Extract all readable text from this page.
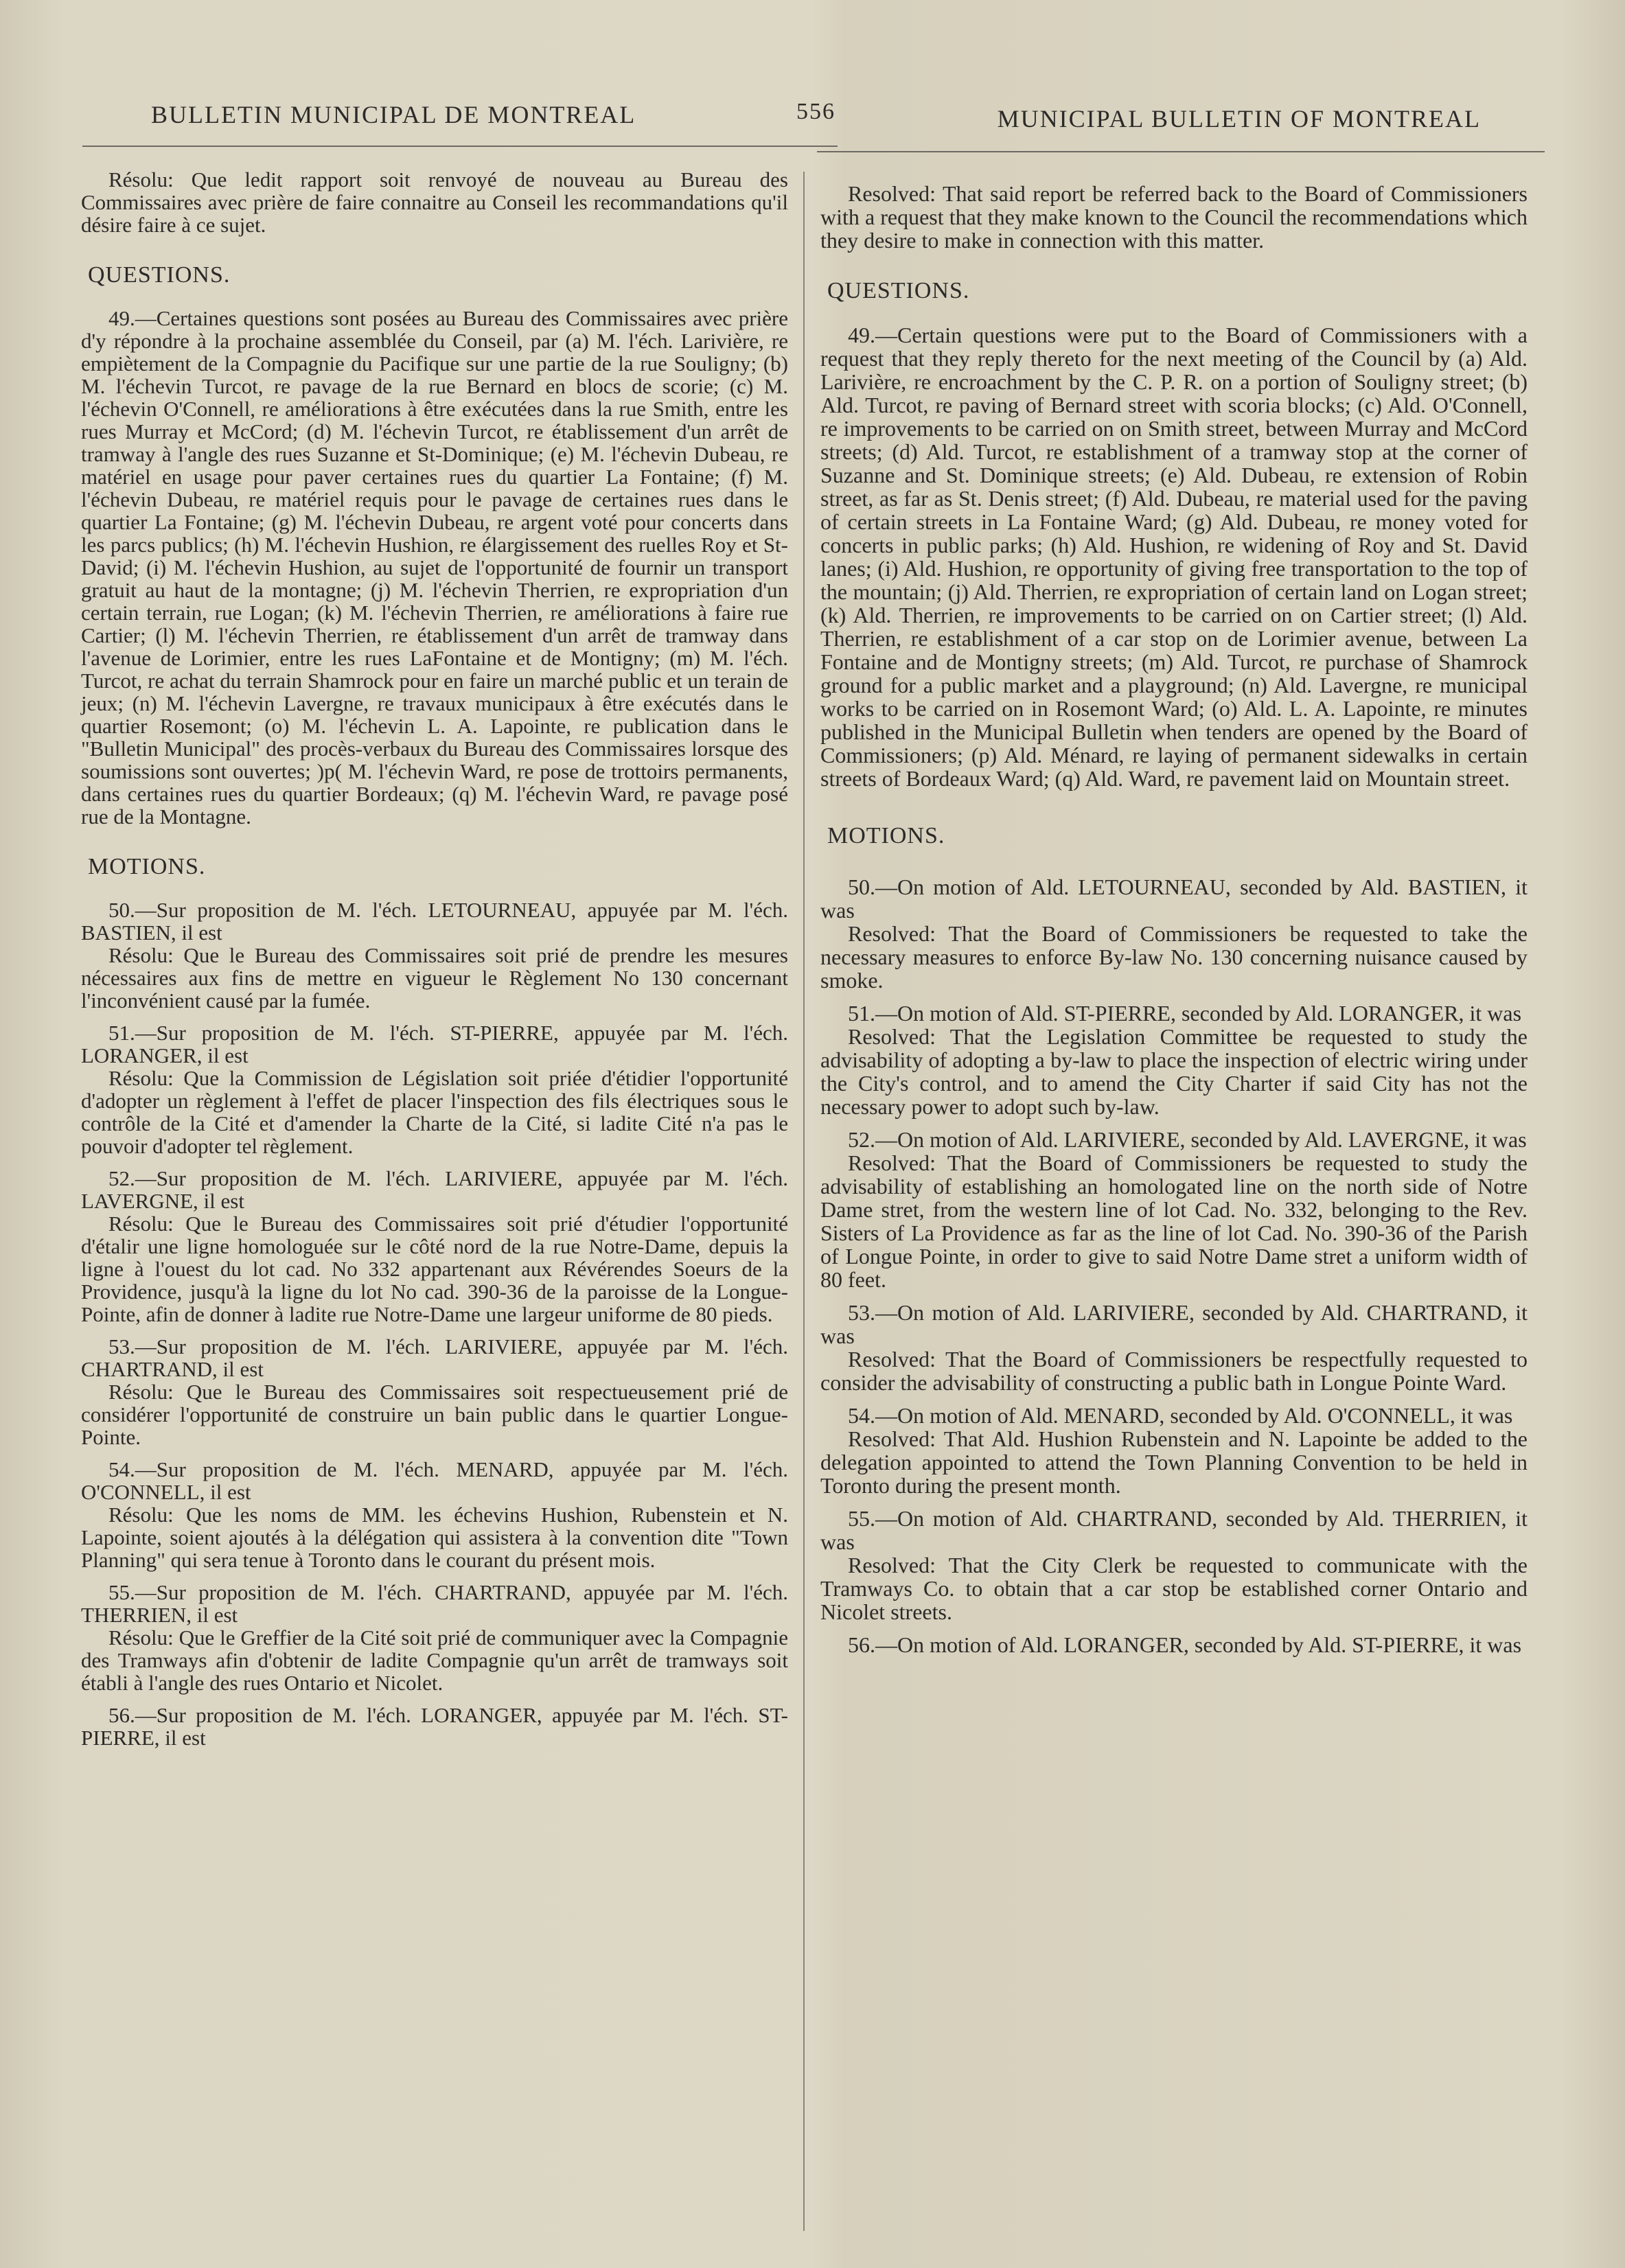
BULLETIN MUNICIPAL DE MONTREAL	556	MUNICIPAL BULLETIN OF MONTREAL

Résolu: Que ledit rapport soit renvoyé de nouveau au Bureau des Commissaires avec prière de faire connaitre au Conseil les recommandations qu'il désire faire à ce sujet.

QUESTIONS.

49.—Certaines questions sont posées au Bureau des Commissaires avec prière d'y répondre à la prochaine assemblée du Conseil, par (a) M. l'éch. Larivière, re empiètement de la Compagnie du Pacifique sur une partie de la rue Souligny; (b) M. l'échevin Turcot, re pavage de la rue Bernard en blocs de scorie; (c) M. l'échevin O'Connell, re améliorations à être exécutées dans la rue Smith, entre les rues Murray et McCord; (d) M. l'échevin Turcot, re établissement d'un arrêt de tramway à l'angle des rues Suzanne et St-Dominique; (e) M. l'échevin Dubeau, re matériel en usage pour paver certaines rues du quartier La Fontaine; (f) M. l'échevin Dubeau, re matériel requis pour le pavage de certaines rues dans le quartier La Fontaine; (g) M. l'échevin Dubeau, re argent voté pour concerts dans les parcs publics; (h) M. l'échevin Hushion, re élargissement des ruelles Roy et St-David; (i) M. l'échevin Hushion, au sujet de l'opportunité de fournir un transport gratuit au haut de la montagne; (j) M. l'échevin Therrien, re expropriation d'un certain terrain, rue Logan; (k) M. l'échevin Therrien, re améliorations à faire rue Cartier; (l) M. l'échevin Therrien, re établissement d'un arrêt de tramway dans l'avenue de Lorimier, entre les rues LaFontaine et de Montigny; (m) M. l'éch. Turcot, re achat du terrain Shamrock pour en faire un marché public et un terain de jeux; (n) M. l'échevin Lavergne, re travaux municipaux à être exécutés dans le quartier Rosemont; (o) M. l'échevin L. A. Lapointe, re publication dans le "Bulletin Municipal" des procès-verbaux du Bureau des Commissaires lorsque des soumissions sont ouvertes; )p( M. l'échevin Ward, re pose de trottoirs permanents, dans certaines rues du quartier Bordeaux; (q) M. l'échevin Ward, re pavage posé rue de la Montagne.

MOTIONS.

50.—Sur proposition de M. l'éch. LETOURNEAU, appuyée par M. l'éch. BASTIEN, il est

Résolu: Que le Bureau des Commissaires soit prié de prendre les mesures nécessaires aux fins de mettre en vigueur le Règlement No 130 concernant l'inconvénient causé par la fumée.

51.—Sur proposition de M. l'éch. ST-PIERRE, appuyée par M. l'éch. LORANGER, il est

Résolu: Que la Commission de Législation soit priée d'étidier l'opportunité d'adopter un règlement à l'effet de placer l'inspection des fils électriques sous le contrôle de la Cité et d'amender la Charte de la Cité, si ladite Cité n'a pas le pouvoir d'adopter tel règlement.

52.—Sur proposition de M. l'éch. LARIVIERE, appuyée par M. l'éch. LAVERGNE, il est

Résolu: Que le Bureau des Commissaires soit prié d'étudier l'opportunité d'étalir une ligne homologuée sur le côté nord de la rue Notre-Dame, depuis la ligne à l'ouest du lot cad. No 332 appartenant aux Révérendes Soeurs de la Providence, jusqu'à la ligne du lot No cad. 390-36 de la paroisse de la Longue-Pointe, afin de donner à ladite rue Notre-Dame une largeur uniforme de 80 pieds.

53.—Sur proposition de M. l'éch. LARIVIERE, appuyée par M. l'éch. CHARTRAND, il est

Résolu: Que le Bureau des Commissaires soit respectueusement prié de considérer l'opportunité de construire un bain public dans le quartier Longue-Pointe.

54.—Sur proposition de M. l'éch. MENARD, appuyée par M. l'éch. O'CONNELL, il est

Résolu: Que les noms de MM. les échevins Hushion, Rubenstein et N. Lapointe, soient ajoutés à la délégation qui assistera à la convention dite "Town Planning" qui sera tenue à Toronto dans le courant du présent mois.

55.—Sur proposition de M. l'éch. CHARTRAND, appuyée par M. l'éch. THERRIEN, il est

Résolu: Que le Greffier de la Cité soit prié de communiquer avec la Compagnie des Tramways afin d'obtenir de ladite Compagnie qu'un arrêt de tramways soit établi à l'angle des rues Ontario et Nicolet.

56.—Sur proposition de M. l'éch. LORANGER, appuyée par M. l'éch. ST-PIERRE, il est

Resolved: That said report be referred back to the Board of Commissioners with a request that they make known to the Council the recommendations which they desire to make in connection with this matter.

QUESTIONS.

49.—Certain questions were put to the Board of Commissioners with a request that they reply thereto for the next meeting of the Council by (a) Ald. Larivière, re encroachment by the C. P. R. on a portion of Souligny street; (b) Ald. Turcot, re paving of Bernard street with scoria blocks; (c) Ald. O'Connell, re improvements to be carried on on Smith street, between Murray and McCord streets; (d) Ald. Turcot, re establishment of a tramway stop at the corner of Suzanne and St. Dominique streets; (e) Ald. Dubeau, re extension of Robin street, as far as St. Denis street; (f) Ald. Dubeau, re material used for the paving of certain streets in La Fontaine Ward; (g) Ald. Dubeau, re money voted for concerts in public parks; (h) Ald. Hushion, re widening of Roy and St. David lanes; (i) Ald. Hushion, re opportunity of giving free transportation to the top of the mountain; (j) Ald. Therrien, re expropriation of certain land on Logan street; (k) Ald. Therrien, re improvements to be carried on on Cartier street; (l) Ald. Therrien, re establishment of a car stop on de Lorimier avenue, between La Fontaine and de Montigny streets; (m) Ald. Turcot, re purchase of Shamrock ground for a public market and a playground; (n) Ald. Lavergne, re municipal works to be carried on in Rosemont Ward; (o) Ald. L. A. Lapointe, re minutes published in the Municipal Bulletin when tenders are opened by the Board of Commissioners; (p) Ald. Ménard, re laying of permanent sidewalks in certain streets of Bordeaux Ward; (q) Ald. Ward, re pavement laid on Mountain street.

MOTIONS.

50.—On motion of Ald. LETOURNEAU, seconded by Ald. BASTIEN, it was

Resolved: That the Board of Commissioners be requested to take the necessary measures to enforce By-law No. 130 concerning nuisance caused by smoke.

51.—On motion of Ald. ST-PIERRE, seconded by Ald. LORANGER, it was

Resolved: That the Legislation Committee be requested to study the advisability of adopting a by-law to place the inspection of electric wiring under the City's control, and to amend the City Charter if said City has not the necessary power to adopt such by-law.

52.—On motion of Ald. LARIVIERE, seconded by Ald. LAVERGNE, it was

Resolved: That the Board of Commissioners be requested to study the advisability of establishing an homologated line on the north side of Notre Dame stret, from the western line of lot Cad. No. 332, belonging to the Rev. Sisters of La Providence as far as the line of lot Cad. No. 390-36 of the Parish of Longue Pointe, in order to give to said Notre Dame stret a uniform width of 80 feet.

53.—On motion of Ald. LARIVIERE, seconded by Ald. CHARTRAND, it was

Resolved: That the Board of Commissioners be respectfully requested to consider the advisability of constructing a public bath in Longue Pointe Ward.

54.—On motion of Ald. MENARD, seconded by Ald. O'CONNELL, it was

Resolved: That Ald. Hushion Rubenstein and N. Lapointe be added to the delegation appointed to attend the Town Planning Convention to be held in Toronto during the present month.

55.—On motion of Ald. CHARTRAND, seconded by Ald. THERRIEN, it was

Resolved: That the City Clerk be requested to communicate with the Tramways Co. to obtain that a car stop be established corner Ontario and Nicolet streets.

56.—On motion of Ald. LORANGER, seconded by Ald. ST-PIERRE, it was
